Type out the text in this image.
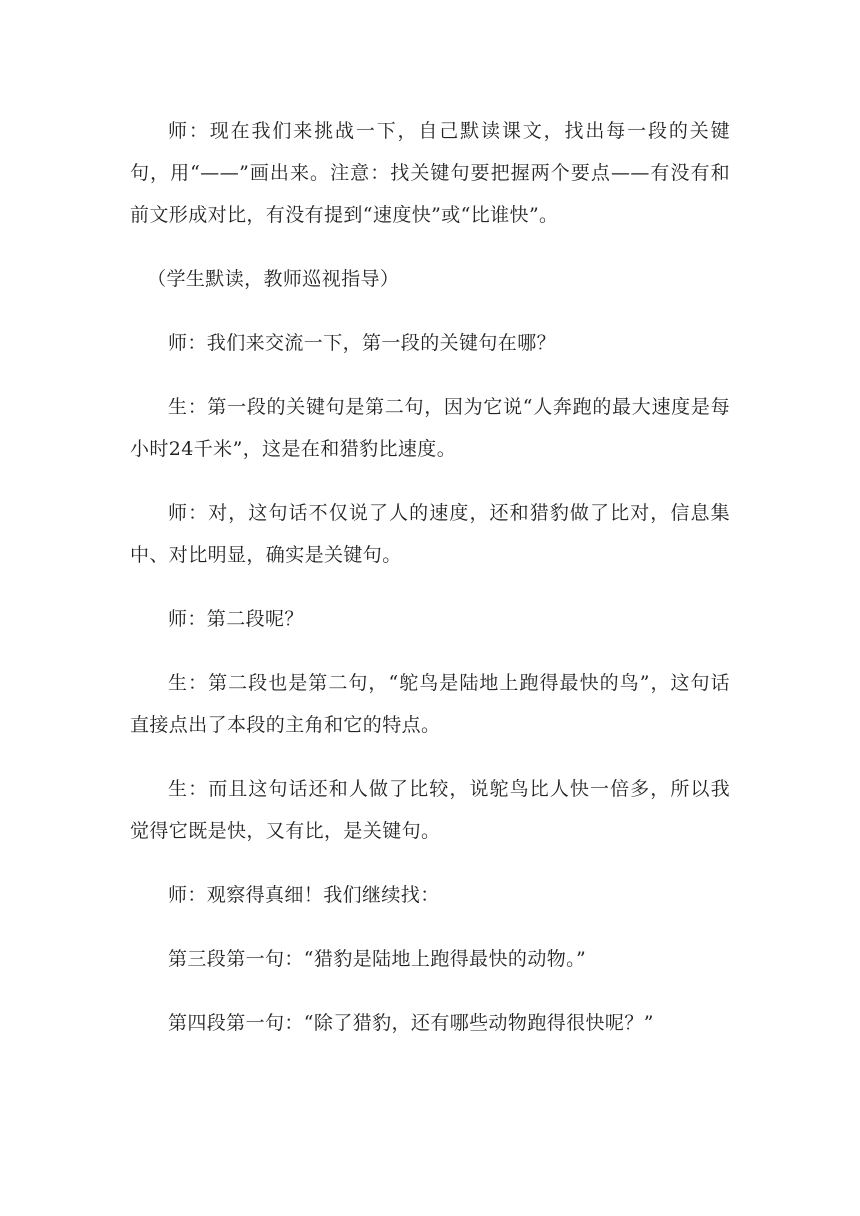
师：现在我们来挑战一下，自己默读课文，找出每一段的关键句，用“——”画出来。注意：找关键句要把握两个要点——有没有和前文形成对比，有没有提到“速度快”或“比谁快”。

（学生默读，教师巡视指导）

师：我们来交流一下，第一段的关键句在哪？

生：第一段的关键句是第二句，因为它说“人奔跑的最大速度是每小时24千米”，这是在和猎豹比速度。

师：对，这句话不仅说了人的速度，还和猎豹做了比对，信息集中、对比明显，确实是关键句。

师：第二段呢？

生：第二段也是第二句，“鸵鸟是陆地上跑得最快的鸟”，这句话直接点出了本段的主角和它的特点。

生：而且这句话还和人做了比较，说鸵鸟比人快一倍多，所以我觉得它既是快，又有比，是关键句。

师：观察得真细！我们继续找：

第三段第一句：“猎豹是陆地上跑得最快的动物。”

第四段第一句：“除了猎豹，还有哪些动物跑得很快呢？”
